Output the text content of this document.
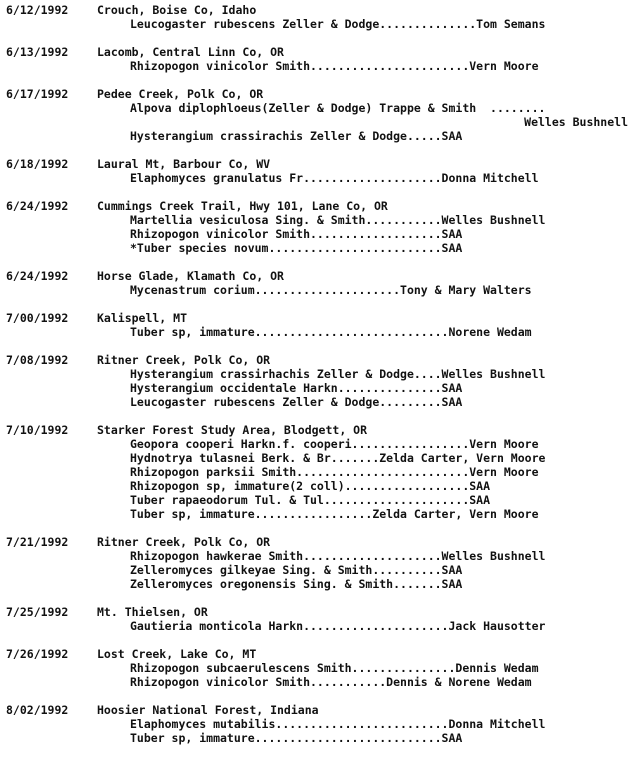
6/12/1992 Crouch, Boise Co, Idaho
Leucogaster rubescens Zeller & Dodge..............Tom Semans
6/13/1992 Lacomb, Central Linn Co, OR
Rhizopogon vinicolor Smith.......................Vern Moore
6/17/1992 Pedee Creek, Polk Co, OR
Alpova diplophloeus(Zeller & Dodge) Trappe & Smith  ........
Welles Bushnell
Hysterangium crassirachis Zeller & Dodge.....SAA
6/18/1992 Laural Mt, Barbour Co, WV
Elaphomyces granulatus Fr....................Donna Mitchell
6/24/1992 Cummings Creek Trail, Hwy 101, Lane Co, OR
Martellia vesiculosa Sing. & Smith...........Welles Bushnell
Rhizopogon vinicolor Smith...................SAA
*Tuber species novum.........................SAA
6/24/1992 Horse Glade, Klamath Co, OR
Mycenastrum corium.....................Tony & Mary Walters
7/00/1992 Kalispell, MT
Tuber sp, immature............................Norene Wedam
7/08/1992 Ritner Creek, Polk Co, OR
Hysterangium crassirhachis Zeller & Dodge....Welles Bushnell
Hysterangium occidentale Harkn...............SAA
Leucogaster rubescens Zeller & Dodge.........SAA
7/10/1992 Starker Forest Study Area, Blodgett, OR
Geopora cooperi Harkn.f. cooperi.................Vern Moore
Hydnotrya tulasnei Berk. & Br.......Zelda Carter, Vern Moore
Rhizopogon parksii Smith.........................Vern Moore
Rhizopogon sp, immature(2 coll)..................SAA
Tuber rapaeodorum Tul. & Tul.....................SAA
Tuber sp, immature.................Zelda Carter, Vern Moore
7/21/1992 Ritner Creek, Polk Co, OR
Rhizopogon hawkerae Smith....................Welles Bushnell
Zelleromyces gilkeyae Sing. & Smith..........SAA
Zelleromyces oregonensis Sing. & Smith.......SAA
7/25/1992 Mt. Thielsen, OR
Gautieria monticola Harkn.....................Jack Hausotter
7/26/1992 Lost Creek, Lake Co, MT
Rhizopogon subcaerulescens Smith...............Dennis Wedam
Rhizopogon vinicolor Smith...........Dennis & Norene Wedam
8/02/1992 Hoosier National Forest, Indiana
Elaphomyces mutabilis.........................Donna Mitchell
Tuber sp, immature...........................SAA
